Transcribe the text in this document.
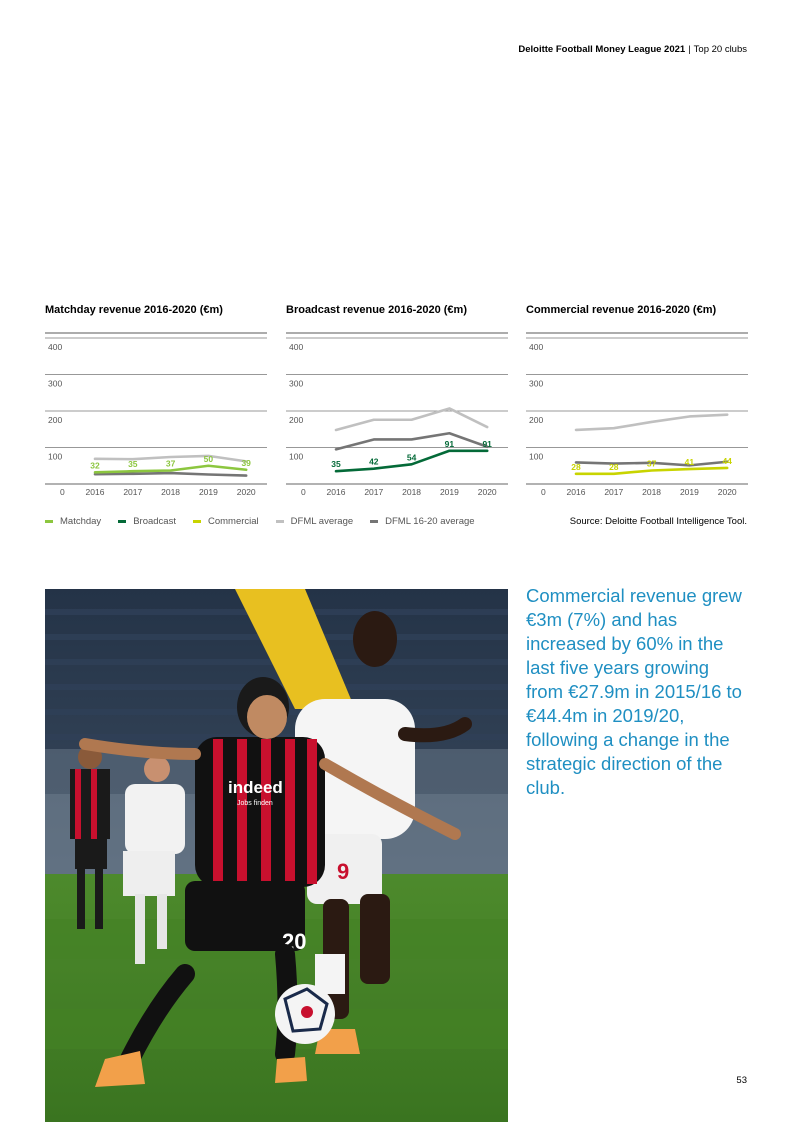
Deloitte Football Money League 2021 | Top 20 clubs
Matchday revenue 2016-2020 (€m)
0
100
200
300
400
2016 2017 2018 2019 2020
32	35	37	50	39
Broadcast revenue 2016-2020 (€m)
0
100
200
300
400
2016 2017 2018 2019 2020
35	42	54
91	91
Commercial revenue 2016-2020 (€m)
0
100
200
300
400
2016 2017 2018 2019 2020
28	28	37	41	44
Matchday	Broadcast	Commercial	DFML average	DFML 16-20 average	Source: Deloitte Football Intelligence Tool.
9
indeed
Jobs finden
20

Commercial revenue grew €3m (7%) and has increased by 60% in the last five years growing from €27.9m in 2015/16 to €44.4m in 2019/20, following a change in the strategic direction of the club.

53
